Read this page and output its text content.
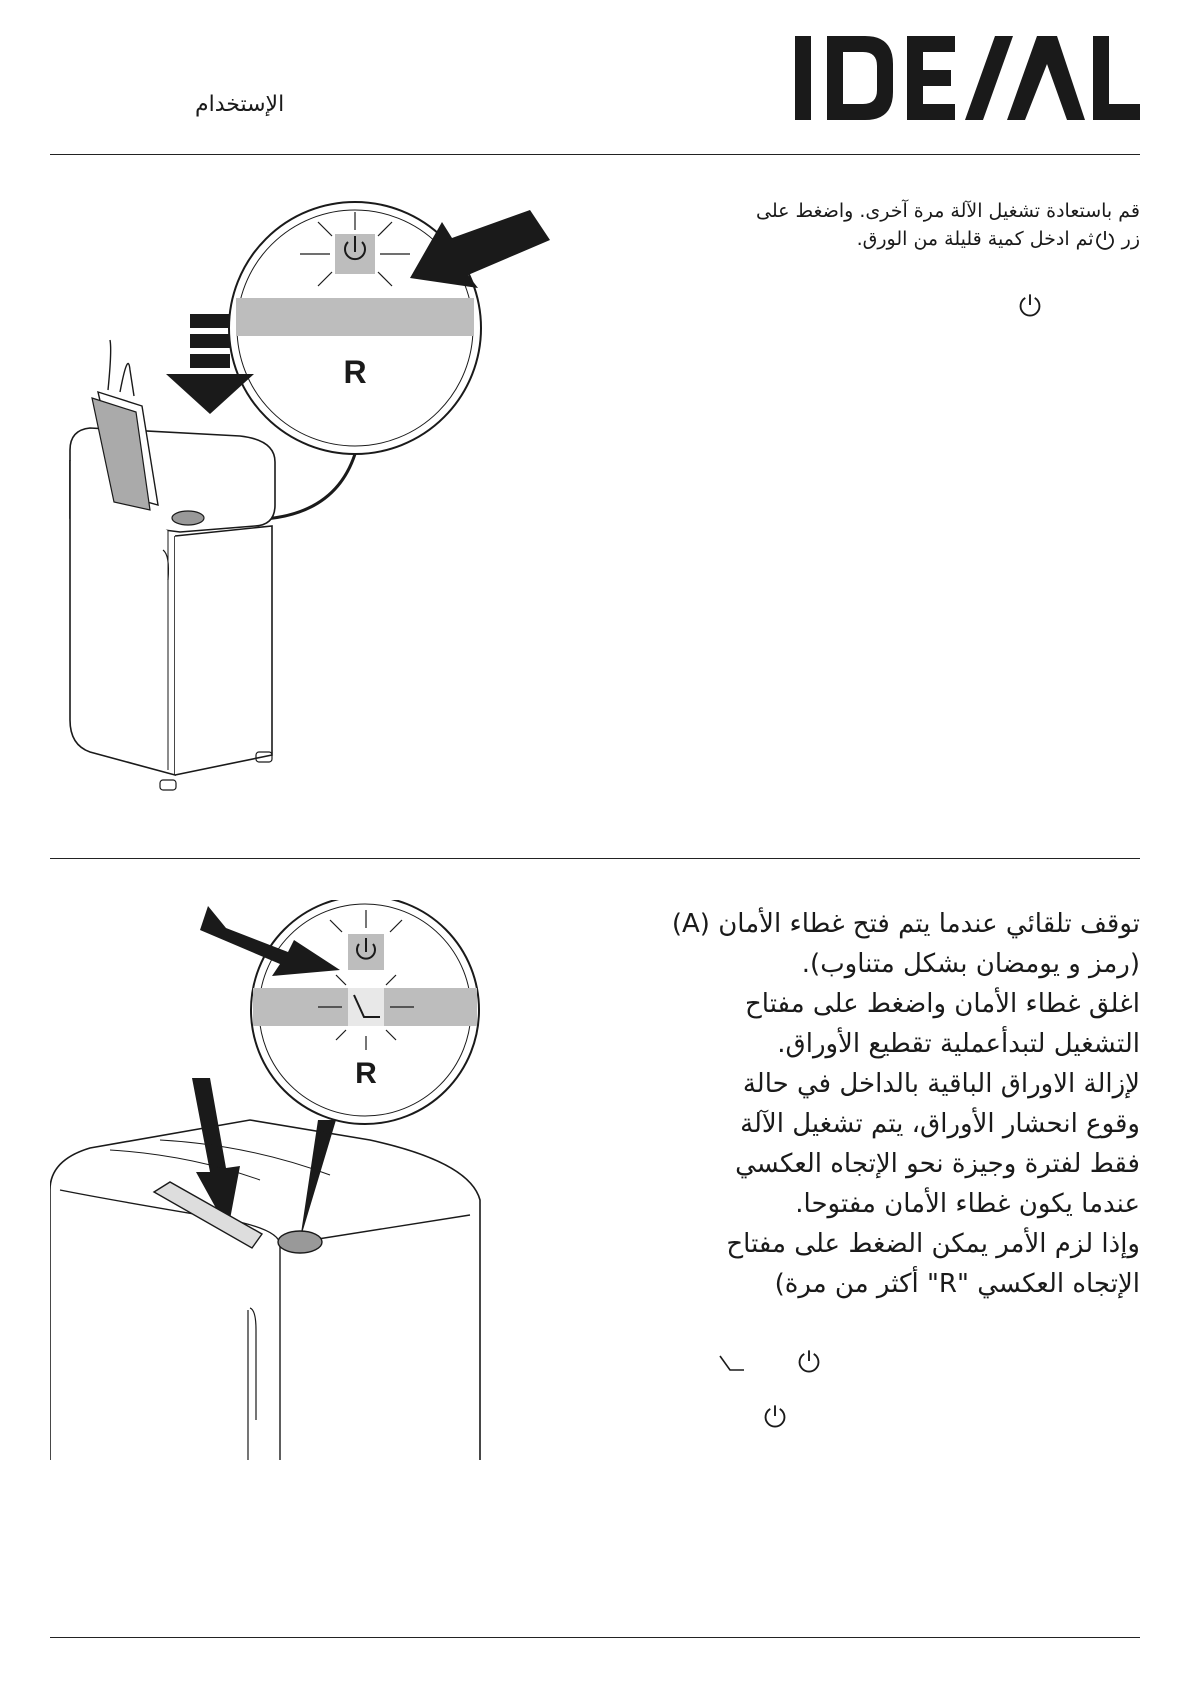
الإستخدام
قم باستعادة تشغيل الآلة مرة آخرى. واضغط على
زر ثم ادخل كمية قليلة من الورق.
R
توقف تلقائي عندما يتم فتح غطاء الأمان (A)
(رمز و يومضان بشكل متناوب).
اغلق غطاء الأمان واضغط على مفتاح
التشغيل لتبدأعملية تقطيع الأوراق.
لإزالة الاوراق الباقية بالداخل في حالة
وقوع انحشار الأوراق، يتم تشغيل الآلة
فقط لفترة وجيزة نحو الإتجاه العكسي
عندما يكون غطاء الأمان مفتوحا.
وإذا لزم الأمر يمكن الضغط على مفتاح
الإتجاه العكسي "R" أكثر من مرة)
R
